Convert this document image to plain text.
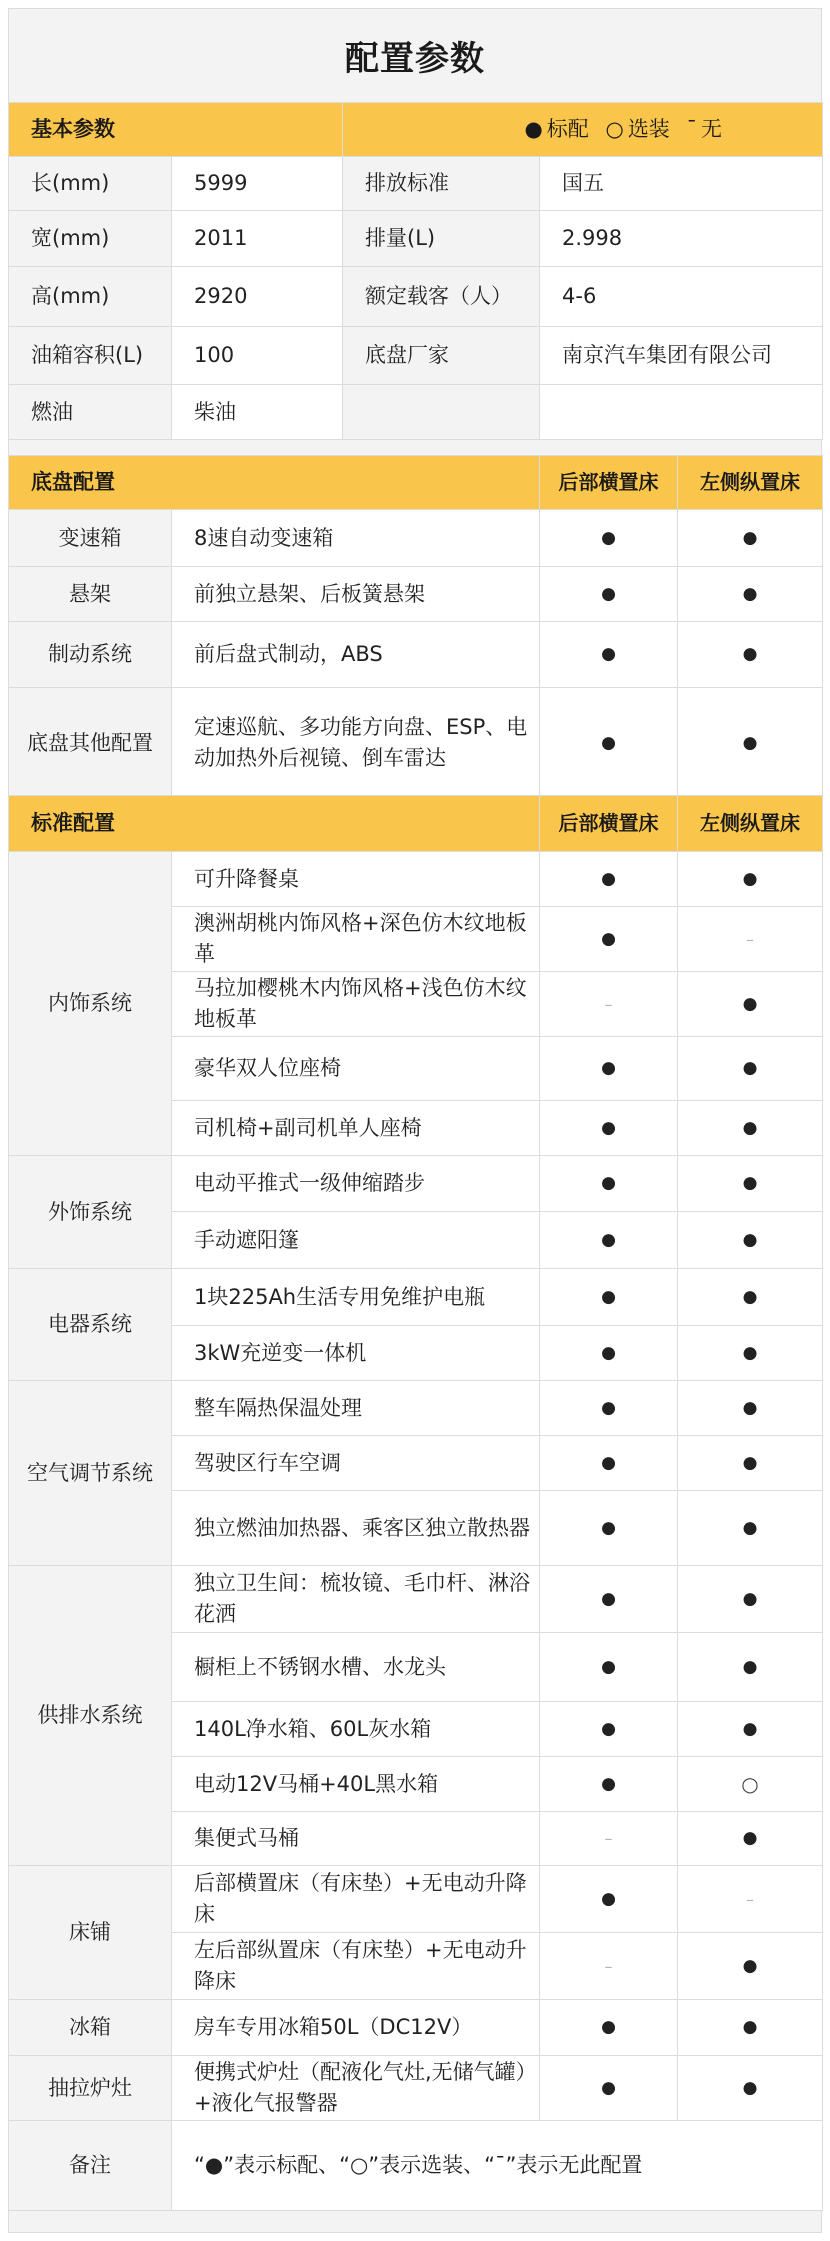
配置参数
基本参数		● 标配 ○ 选装 ˉ 无	
长(mm)	5999	排放标准	国五
宽(mm)	2011	排量(L)	2.998
高(mm)	2920	额定载客（人）	4-6
油箱容积(L)	100	底盘厂家	南京汽车集团有限公司
燃油	柴油		
底盘配置		后部横置床	左侧纵置床
变速箱	8速自动变速箱	●	●
悬架	前独立悬架、后板簧悬架	●	●
制动系统	前后盘式制动，ABS	●	●
底盘其他配置	定速巡航、多功能方向盘、ESP、电动加热外后视镜、倒车雷达	●	●
标准配置		后部横置床	左侧纵置床
内饰系统	可升降餐桌	●	●
	澳洲胡桃内饰风格+深色仿木纹地板革	●	–
	马拉加樱桃木内饰风格+浅色仿木纹地板革	–	●
	豪华双人位座椅	●	●
	司机椅+副司机单人座椅	●	●
外饰系统	电动平推式一级伸缩踏步	●	●
	手动遮阳篷	●	●
电器系统	1块225Ah生活专用免维护电瓶	●	●
	3kW充逆变一体机	●	●
空气调节系统	整车隔热保温处理	●	●
	驾驶区行车空调	●	●
	独立燃油加热器、乘客区独立散热器	●	●
供排水系统	独立卫生间：梳妆镜、毛巾杆、淋浴花洒	●	●
	橱柜上不锈钢水槽、水龙头	●	●
	140L净水箱、60L灰水箱	●	●
	电动12V马桶+40L黑水箱	●	○
	集便式马桶	–	●
床铺	后部横置床（有床垫）+无电动升降床	●	–
	左后部纵置床（有床垫）+无电动升降床	–	●
冰箱	房车专用冰箱50L（DC12V）	●	●
抽拉炉灶	便携式炉灶（配液化气灶,无储气罐）+液化气报警器	●	●
备注	“●”表示标配、“○”表示选装、“ˉ”表示无此配置		
